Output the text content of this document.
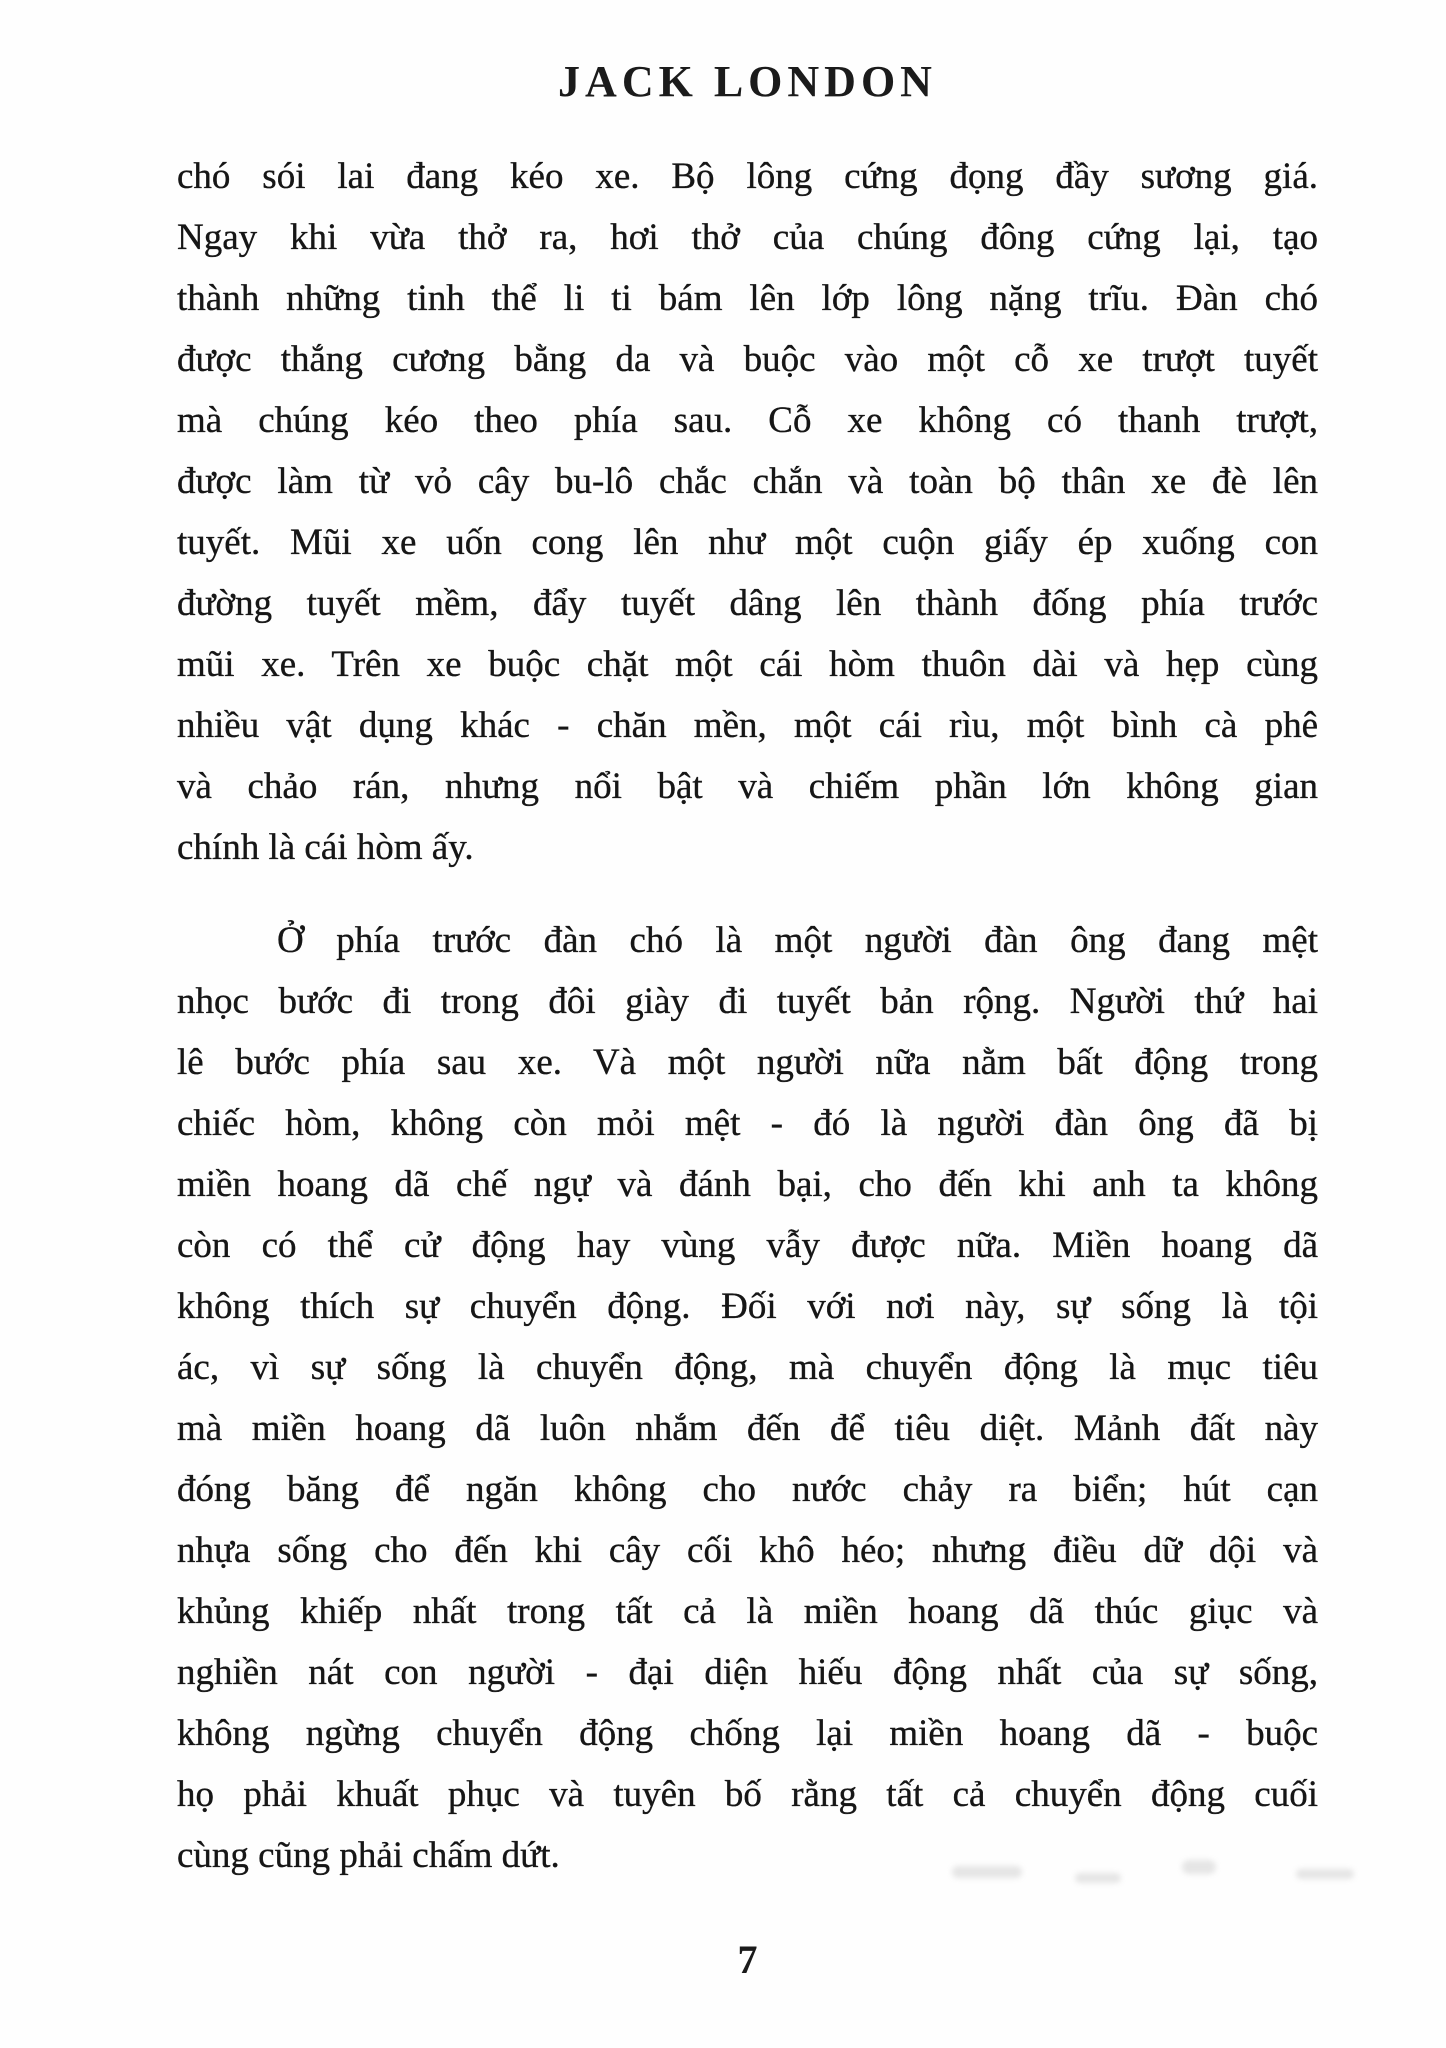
JACK LONDON
chó sói lai đang kéo xe. Bộ lông cứng đọng đầy sương giá.
Ngay khi vừa thở ra, hơi thở của chúng đông cứng lại, tạo
thành những tinh thể li ti bám lên lớp lông nặng trĩu. Đàn chó
được thắng cương bằng da và buộc vào một cỗ xe trượt tuyết
mà chúng kéo theo phía sau. Cỗ xe không có thanh trượt,
được làm từ vỏ cây bu-lô chắc chắn và toàn bộ thân xe đè lên
tuyết. Mũi xe uốn cong lên như một cuộn giấy ép xuống con
đường tuyết mềm, đẩy tuyết dâng lên thành đống phía trước
mũi xe. Trên xe buộc chặt một cái hòm thuôn dài và hẹp cùng
nhiều vật dụng khác - chăn mền, một cái rìu, một bình cà phê
và chảo rán, nhưng nổi bật và chiếm phần lớn không gian
chính là cái hòm ấy.
Ở phía trước đàn chó là một người đàn ông đang mệt
nhọc bước đi trong đôi giày đi tuyết bản rộng. Người thứ hai
lê bước phía sau xe. Và một người nữa nằm bất động trong
chiếc hòm, không còn mỏi mệt - đó là người đàn ông đã bị
miền hoang dã chế ngự và đánh bại, cho đến khi anh ta không
còn có thể cử động hay vùng vẫy được nữa. Miền hoang dã
không thích sự chuyển động. Đối với nơi này, sự sống là tội
ác, vì sự sống là chuyển động, mà chuyển động là mục tiêu
mà miền hoang dã luôn nhắm đến để tiêu diệt. Mảnh đất này
đóng băng để ngăn không cho nước chảy ra biển; hút cạn
nhựa sống cho đến khi cây cối khô héo; nhưng điều dữ dội và
khủng khiếp nhất trong tất cả là miền hoang dã thúc giục và
nghiền nát con người - đại diện hiếu động nhất của sự sống,
không ngừng chuyển động chống lại miền hoang dã - buộc
họ phải khuất phục và tuyên bố rằng tất cả chuyển động cuối
cùng cũng phải chấm dứt.
7
